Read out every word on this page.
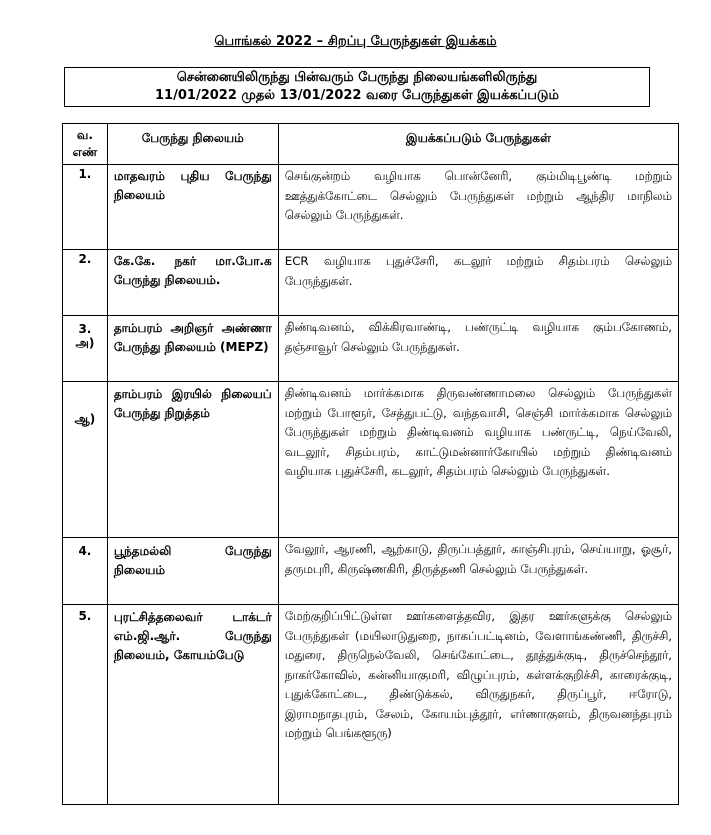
பொங்கல் 2022 – சிறப்பு பேருந்துகள் இயக்கம்
சென்னையிலிருந்து பின்வரும் பேருந்து நிலையங்களிலிருந்து
11/01/2022 முதல் 13/01/2022 வரை பேருந்துகள் இயக்கப்படும்
வ. எண்	பேருந்து நிலையம்	இயக்கப்படும் பேருந்துகள்
1.	மாதவரம் புதிய பேருந்து நிலையம்	செங்குன்றம் வழியாக பொன்னேரி, கும்மிடிபூண்டி மற்றும் ஊத்துக்கோட்டை செல்லும் பேருந்துகள் மற்றும் ஆந்திர மாநிலம் செல்லும் பேருந்துகள்.
2.	கே.கே. நகர் மா.போ.க பேருந்து நிலையம்.	ECR வழியாக புதுச்சேரி, கடலூர் மற்றும் சிதம்பரம் செல்லும் பேருந்துகள்.
3. அ)	தாம்பரம் அறிஞர் அண்ணா பேருந்து நிலையம் (MEPZ)	திண்டிவனம், விக்கிரவாண்டி, பண்ருட்டி வழியாக கும்பகோணம், தஞ்சாவூர் செல்லும் பேருந்துகள்.
ஆ)	தாம்பரம் இரயில் நிலையப் பேருந்து நிறுத்தம்	திண்டிவனம் மார்க்கமாக திருவண்ணாமலை செல்லும் பேருந்துகள் மற்றும் போளூர், சேத்துபட்டு, வந்தவாசி, செஞ்சி மார்க்கமாக செல்லும் பேருந்துகள் மற்றும் திண்டிவனம் வழியாக பண்ருட்டி, நெய்வேலி, வடலூர், சிதம்பரம், காட்டுமன்னார்கோயில் மற்றும் திண்டிவனம் வழியாக புதுச்சேரி, கடலூர், சிதம்பரம் செல்லும் பேருந்துகள்.
4.	பூந்தமல்லி பேருந்து நிலையம்	வேலூர், ஆரணி, ஆற்காடு, திருப்பத்தூர், காஞ்சிபுரம், செய்யாறு, ஓசூர், தருமபுரி, கிருஷ்ணகிரி, திருத்தணி செல்லும் பேருந்துகள்.
5.	புரட்சித்தலைவர் டாக்டர் எம்.ஜி.ஆர். பேருந்து நிலையம், கோயம்பேடு	மேற்குறிப்பிட்டுள்ள ஊர்களைத்தவிர, இதர ஊர்களுக்கு செல்லும் பேருந்துகள் (மயிலாடுதுறை, நாகப்பட்டினம், வேளாங்கண்ணி, திருச்சி, மதுரை, திருநெல்வேலி, செங்கோட்டை, தூத்துக்குடி, திருச்செந்தூர், நாகர்கோவில், கன்னியாகுமரி, விழுப்புரம், கள்ளக்குறிச்சி, காரைக்குடி, புதுக்கோட்டை, திண்டுக்கல், விருதுநகர், திருப்பூர், ஈரோடு, இராமநாதபுரம், சேலம், கோயம்புத்தூர், எர்ணாகுளம், திருவனந்தபுரம் மற்றும் பெங்களூரு)
